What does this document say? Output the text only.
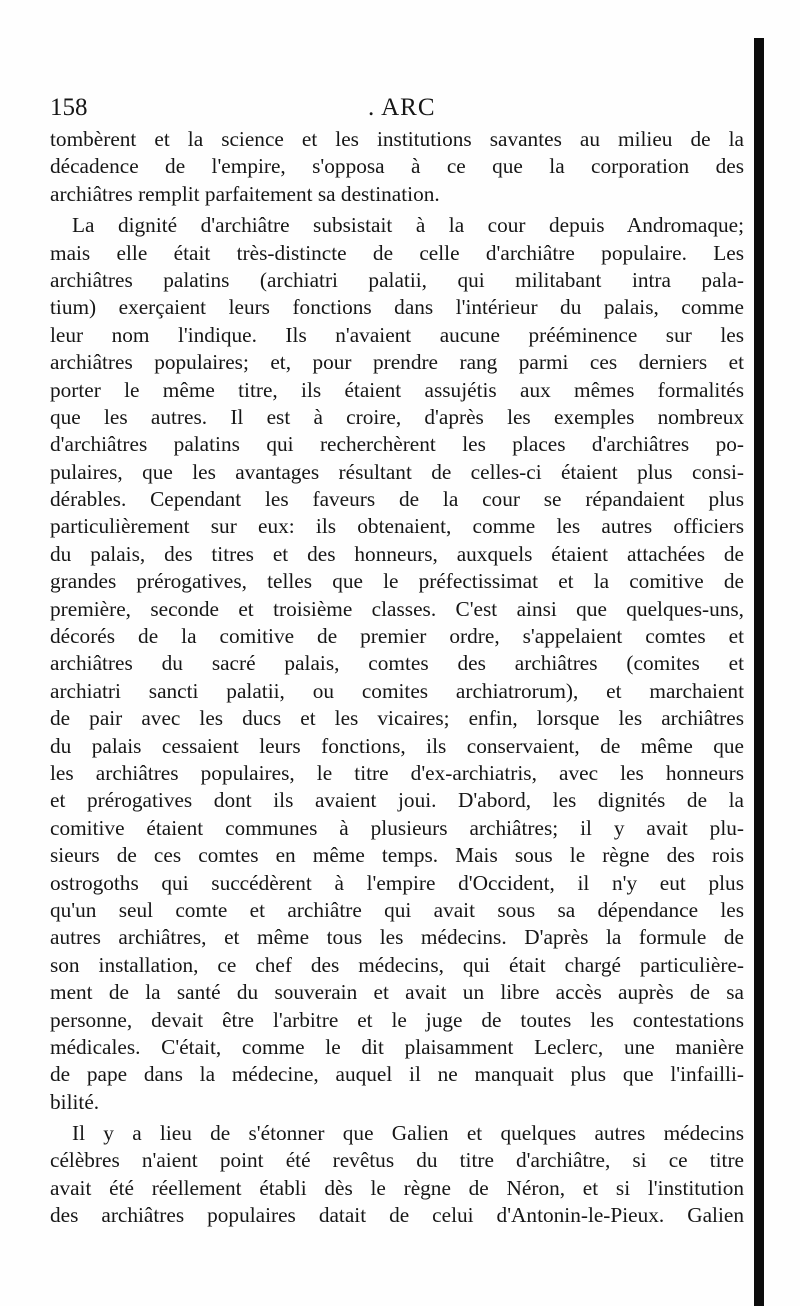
158	. ARC
tombèrent et la science et les institutions savantes au milieu de la
décadence de l'empire, s'opposa à ce que la corporation des
archiâtres remplit parfaitement sa destination.
La dignité d'archiâtre subsistait à la cour depuis Andromaque;
mais elle était très-distincte de celle d'archiâtre populaire. Les
archiâtres palatins (archiatri palatii, qui militabant intra pala-
tium) exerçaient leurs fonctions dans l'intérieur du palais, comme
leur nom l'indique. Ils n'avaient aucune prééminence sur les
archiâtres populaires; et, pour prendre rang parmi ces derniers et
porter le même titre, ils étaient assujétis aux mêmes formalités
que les autres. Il est à croire, d'après les exemples nombreux
d'archiâtres palatins qui recherchèrent les places d'archiâtres po-
pulaires, que les avantages résultant de celles-ci étaient plus consi-
dérables. Cependant les faveurs de la cour se répandaient plus
particulièrement sur eux: ils obtenaient, comme les autres officiers
du palais, des titres et des honneurs, auxquels étaient attachées de
grandes prérogatives, telles que le préfectissimat et la comitive de
première, seconde et troisième classes. C'est ainsi que quelques-uns,
décorés de la comitive de premier ordre, s'appelaient comtes et
archiâtres du sacré palais, comtes des archiâtres (comites et
archiatri sancti palatii, ou comites archiatrorum), et marchaient
de pair avec les ducs et les vicaires; enfin, lorsque les archiâtres
du palais cessaient leurs fonctions, ils conservaient, de même que
les archiâtres populaires, le titre d'ex-archiatris, avec les honneurs
et prérogatives dont ils avaient joui. D'abord, les dignités de la
comitive étaient communes à plusieurs archiâtres; il y avait plu-
sieurs de ces comtes en même temps. Mais sous le règne des rois
ostrogoths qui succédèrent à l'empire d'Occident, il n'y eut plus
qu'un seul comte et archiâtre qui avait sous sa dépendance les
autres archiâtres, et même tous les médecins. D'après la formule de
son installation, ce chef des médecins, qui était chargé particulière-
ment de la santé du souverain et avait un libre accès auprès de sa
personne, devait être l'arbitre et le juge de toutes les contestations
médicales. C'était, comme le dit plaisamment Leclerc, une manière
de pape dans la médecine, auquel il ne manquait plus que l'infailli-
bilité.
Il y a lieu de s'étonner que Galien et quelques autres médecins
célèbres n'aient point été revêtus du titre d'archiâtre, si ce titre
avait été réellement établi dès le règne de Néron, et si l'institution
des archiâtres populaires datait de celui d'Antonin-le-Pieux. Galien
